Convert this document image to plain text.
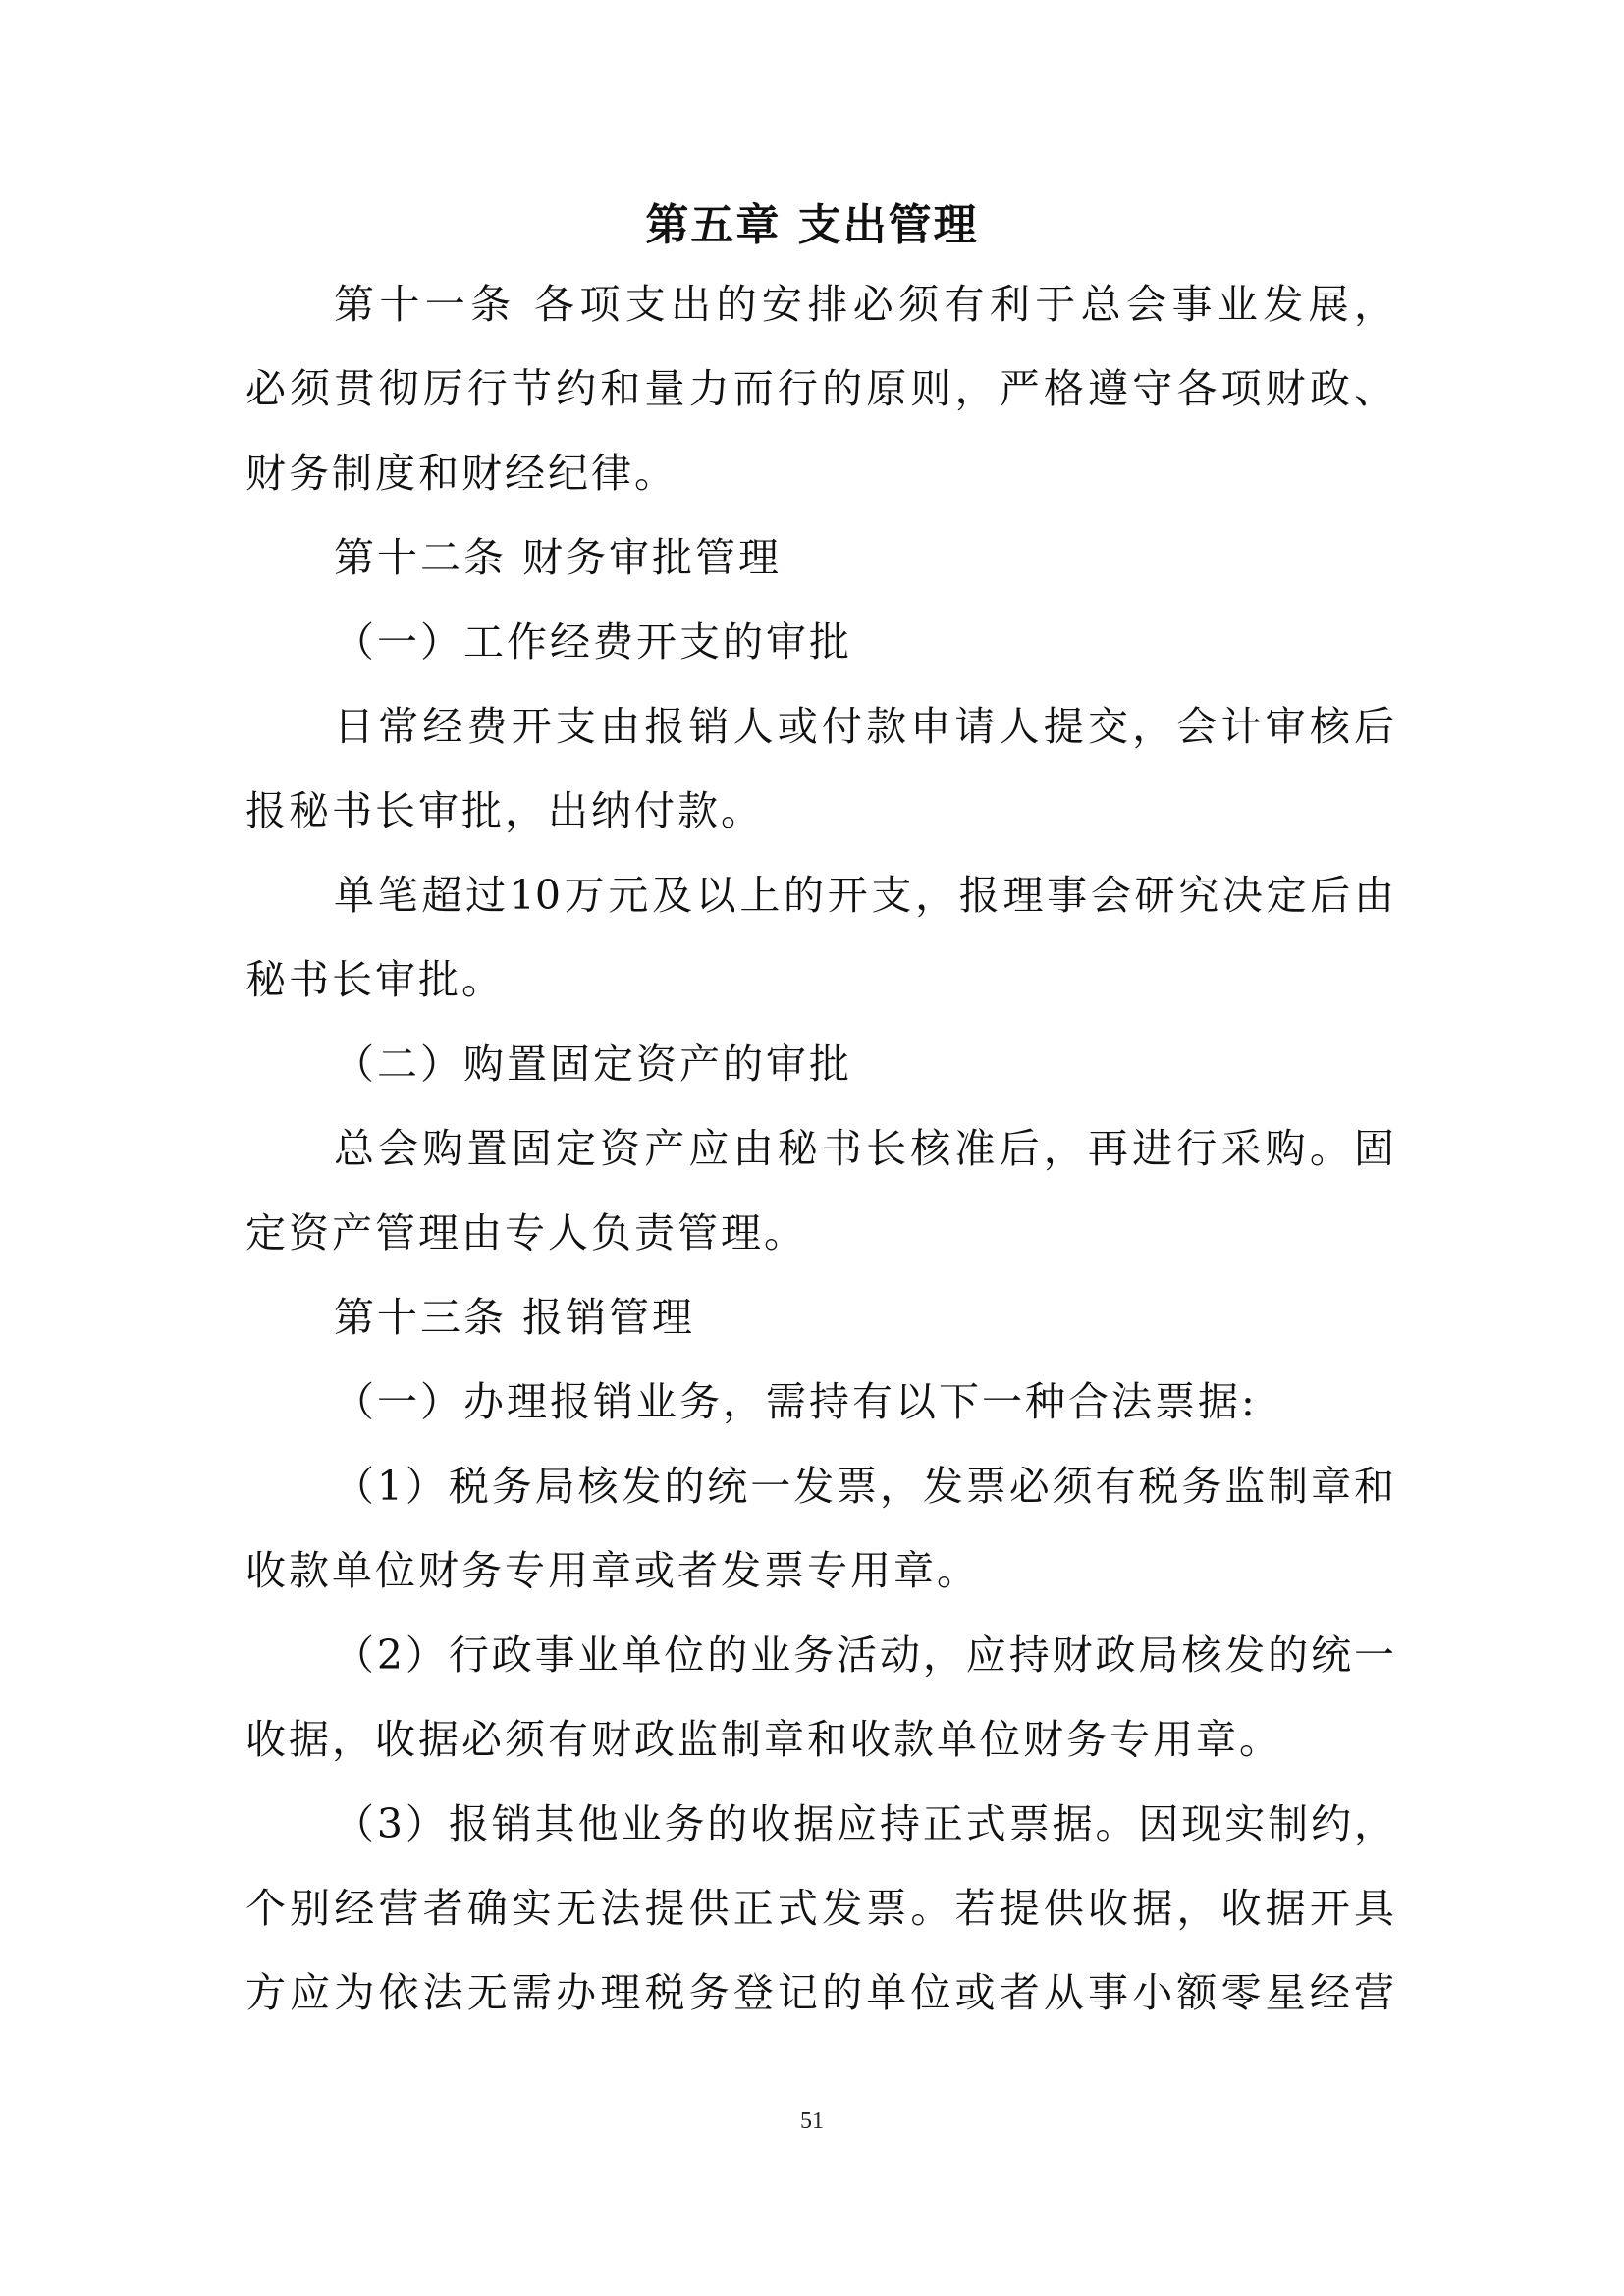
第五章 支出管理
第十一条 各项支出的安排必须有利于总会事业发展，
必须贯彻厉行节约和量力而行的原则，严格遵守各项财政、
财务制度和财经纪律。
第十二条 财务审批管理
（一）工作经费开支的审批
日常经费开支由报销人或付款申请人提交，会计审核后
报秘书长审批，出纳付款。
单笔超过10万元及以上的开支，报理事会研究决定后由
秘书长审批。
（二）购置固定资产的审批
总会购置固定资产应由秘书长核准后，再进行采购。固
定资产管理由专人负责管理。
第十三条 报销管理
（一）办理报销业务，需持有以下一种合法票据:
（1）税务局核发的统一发票，发票必须有税务监制章和
收款单位财务专用章或者发票专用章。
（2）行政事业单位的业务活动，应持财政局核发的统一
收据，收据必须有财政监制章和收款单位财务专用章。
（3）报销其他业务的收据应持正式票据。因现实制约，
个别经营者确实无法提供正式发票。若提供收据，收据开具
方应为依法无需办理税务登记的单位或者从事小额零星经营
51
